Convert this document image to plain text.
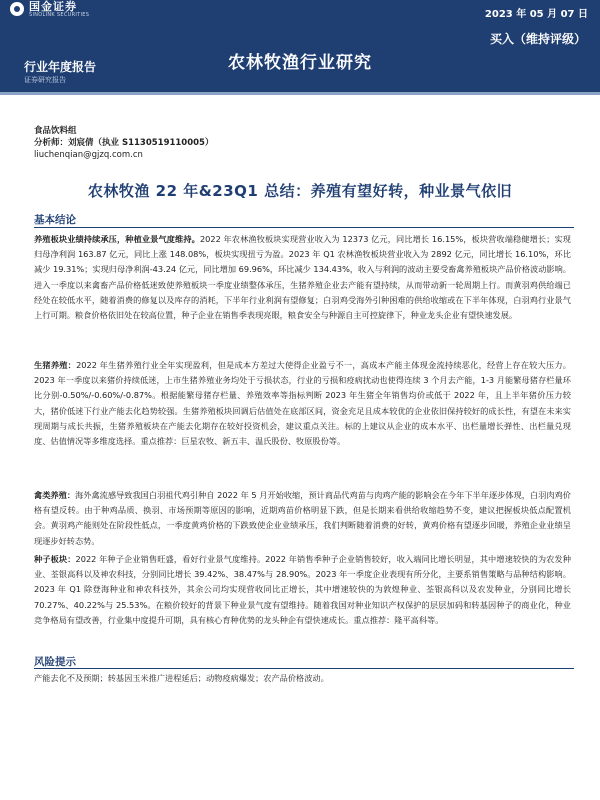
国金证券
SINOLINK SECURITIES	2023 年 05 月 07 日
买入（维持评级）
农林牧渔行业研究
行业年度报告
证券研究报告
食品饮料组
分析师：刘宸倩（执业 S1130519110005）
liuchenqian@gjzq.com.cn
农林牧渔 22 年&23Q1 总结：养殖有望好转，种业景气依旧
基本结论
养殖板块业绩持续承压，种植业景气度维持。2022 年农林渔牧板块实现营业收入为 12373 亿元，同比增长 16.15%，板块营收端稳健增长；实现归母净利润 163.87 亿元，同比上涨 148.08%，板块实现扭亏为盈。2023 年 Q1 农林渔牧板块营业收入为 2892 亿元，同比增长 16.10%，环比减少 19.31%；实现归母净利润-43.24 亿元，同比增加 69.96%，环比减少 134.43%，收入与利润的波动主要受畜禽养殖板块产品价格波动影响。进入一季度以来禽畜产品价格低迷致使养殖板块一季度业绩整体承压，生猪养殖企业去产能有望持续，从而带动新一轮周期上行。而黄羽鸡供给端已经处在较低水平，随着消费的修复以及库存的消耗，下半年行业利润有望修复；白羽鸡受海外引种困难的供给收缩或在下半年体现，白羽鸡行业景气上行可期。粮食价格依旧处在较高位置，种子企业在销售季表现亮眼，粮食安全与种源自主可控旋律下，种业龙头企业有望快速发展。
生猪养殖：2022 年生猪养殖行业全年实现盈利，但是成本方差过大使得企业盈亏不一，高成本产能主体现金流持续恶化，经营上存在较大压力。2023 年一季度以来猪价持续低迷，上市生猪养殖业务均处于亏损状态，行业的亏损和疫病扰动也使得连续 3 个月去产能，1-3 月能繁母猪存栏量环比分别-0.50%/-0.60%/-0.87%。根据能繁母猪存栏量、养殖效率等指标判断 2023 年生猪全年销售均价或低于 2022 年，且上半年猪价压力较大，猪价低迷下行业产能去化趋势较强。生猪养殖板块回调后估值处在底部区间，资金充足且成本较优的企业依旧保持较好的成长性，有望在未来实现周期与成长共振，生猪养殖板块在产能去化期存在较好投资机会，建议重点关注。标的上建议从企业的成本水平、出栏量增长弹性、出栏量兑现度、估值情况等多维度选择。重点推荐：巨星农牧、新五丰、温氏股份、牧原股份等。
禽类养殖：海外禽流感导致我国白羽祖代鸡引种自 2022 年 5 月开始收缩，预计商品代鸡苗与肉鸡产能的影响会在今年下半年逐步体现，白羽肉鸡价格有望反转。由于种鸡品质、换羽、市场预期等原因的影响，近期鸡苗价格明显下跌，但是长期来看供给收缩趋势不变，建议把握板块低点配置机会。黄羽鸡产能则处在阶段性低点，一季度黄鸡价格的下跌致使企业业绩承压，我们判断随着消费的好转，黄鸡价格有望逐步回暖，养殖企业业绩呈现逐步好转态势。
种子板块：2022 年种子企业销售旺盛，看好行业景气度维持。2022 年销售季种子企业销售较好，收入端同比增长明显，其中增速较快的为农发种业、荃银高科以及神农科技，分别同比增长 39.42%、38.47%与 28.90%。2023 年一季度企业表现有所分化，主要系销售策略与品种结构影响。2023 年 Q1 除登海种业和神农科技外，其余公司均实现营收同比正增长，其中增速较快的为敦煌种业、荃银高科以及农发种业，分别同比增长 70.27%、40.22%与 25.53%。在粮价较好的背景下种业景气度有望维持。随着我国对种业知识产权保护的层层加码和转基因种子的商业化，种业竞争格局有望改善，行业集中度提升可期，具有核心育种优势的龙头种企有望快速成长。重点推荐：隆平高科等。
风险提示
产能去化不及预期；转基因玉米推广进程延后；动物疫病爆发；农产品价格波动。
